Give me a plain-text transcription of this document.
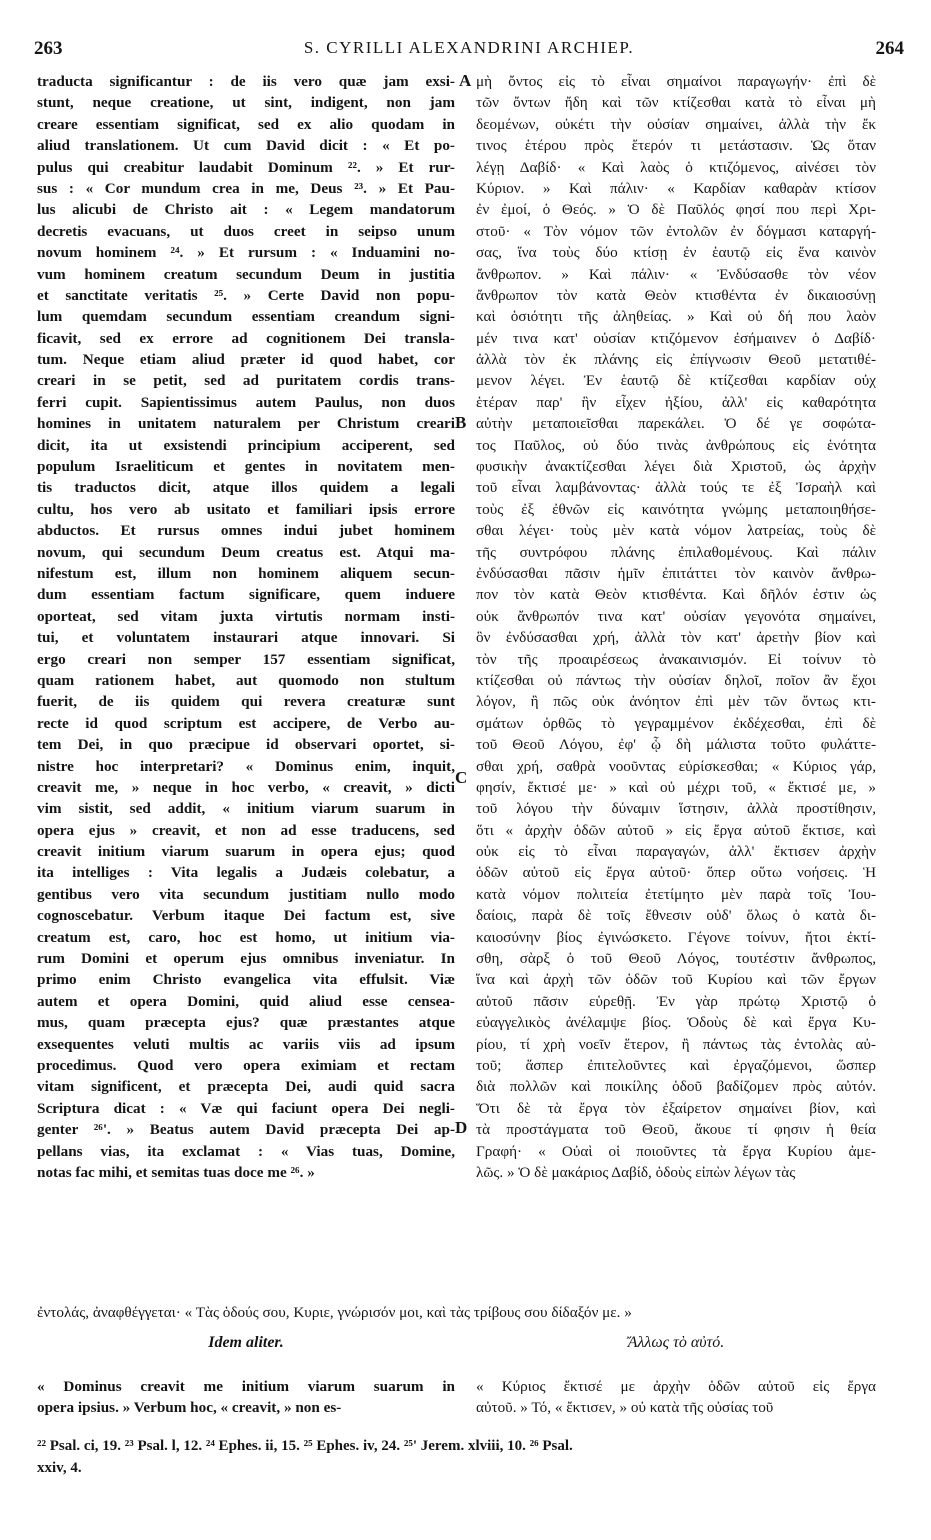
263	S. CYRILLI ALEXANDRINI ARCHIEP.	264
traducta significantur : de iis vero quæ jam exsi-
stunt, neque creatione, ut sint, indigent, non jam
creare essentiam significat, sed ex alio quodam in
aliud translationem. Ut cum David dicit : « Et po-
pulus qui creabitur laudabit Dominum ²². » Et rur-
sus : « Cor mundum crea in me, Deus ²³. » Et Pau-
lus alicubi de Christo ait : « Legem mandatorum
decretis evacuans, ut duos creet in seipso unum
novum hominem ²⁴. » Et rursum : « Induamini no-
vum hominem creatum secundum Deum in justitia
et sanctitate veritatis ²⁵. » Certe David non popu-
lum quemdam secundum essentiam creandum signi-
ficavit, sed ex errore ad cognitionem Dei transla-
tum. Neque etiam aliud præter id quod habet, cor
creari in se petit, sed ad puritatem cordis trans-
ferri cupit. Sapientissimus autem Paulus, non duos
homines in unitatem naturalem per Christum creari
dicit, ita ut exsistendi principium acciperent, sed
populum Israeliticum et gentes in novitatem men-
tis traductos dicit, atque illos quidem a legali
cultu, hos vero ab usitato et familiari ipsis errore
abductos. Et rursus omnes indui jubet hominem
novum, qui secundum Deum creatus est. Atqui ma-
nifestum est, illum non hominem aliquem secun-
dum essentiam factum significare, quem induere
oporteat, sed vitam juxta virtutis normam insti-
tui, et voluntatem instaurari atque innovari. Si
ergo creari non semper 157 essentiam significat,
quam rationem habet, aut quomodo non stultum
fuerit, de iis quidem qui revera creaturæ sunt
recte id quod scriptum est accipere, de Verbo au-
tem Dei, in quo præcipue id observari oportet, si-
nistre hoc interpretari? « Dominus enim, inquit,
creavit me, » neque in hoc verbo, « creavit, » dicti
vim sistit, sed addit, « initium viarum suarum in
opera ejus » creavit, et non ad esse traducens, sed
creavit initium viarum suarum in opera ejus; quod
ita intelliges : Vita legalis a Judæis colebatur, a
gentibus vero vita secundum justitiam nullo modo
cognoscebatur. Verbum itaque Dei factum est, sive
creatum est, caro, hoc est homo, ut initium via-
rum Domini et operum ejus omnibus inveniatur. In
primo enim Christo evangelica vita effulsit. Viæ
autem et opera Domini, quid aliud esse censea-
mus, quam præcepta ejus? quæ præstantes atque
exsequentes veluti multis ac variis viis ad ipsum
procedimus. Quod vero opera eximiam et rectam
vitam significent, et præcepta Dei, audi quid sacra
Scriptura dicat : « Væ qui faciunt opera Dei negli-
genter ²⁶'. » Beatus autem David præcepta Dei ap-
pellans vias, ita exclamat : « Vias tuas, Domine,
notas fac mihi, et semitas tuas doce me ²⁶. »
μὴ ὄντος εἰς τὸ εἶναι σημαίνοι παραγωγήν· ἐπὶ δὲ
τῶν ὄντων ἤδη καὶ τῶν κτίζεσθαι κατὰ τὸ εἶναι μὴ
δεομένων, οὐκέτι τὴν οὐσίαν σημαίνει, ἀλλὰ τὴν ἔκ
τινος ἑτέρου πρὸς ἕτερόν τι μετάστασιν. Ὡς ὅταν
λέγῃ Δαβίδ· « Καὶ λαὸς ὁ κτιζόμενος, αἰνέσει τὸν
Κύριον. » Καὶ πάλιν· « Καρδίαν καθαρὰν κτίσον
ἐν ἐμοί, ὁ Θεός. » Ὁ δὲ Παῦλός φησί που περὶ Χρι-
στοῦ· « Τὸν νόμον τῶν ἐντολῶν ἐν δόγμασι καταργή-
σας, ἵνα τοὺς δύο κτίσῃ ἐν ἑαυτῷ εἰς ἕνα καινὸν
ἄνθρωπον. » Καὶ πάλιν· « Ἐνδύσασθε τὸν νέον
ἄνθρωπον τὸν κατὰ Θεὸν κτισθέντα ἐν δικαιοσύνῃ
καὶ ὁσιότητι τῆς ἀληθείας. » Καὶ οὐ δή που λαὸν
μέν τινα κατ' οὐσίαν κτιζόμενον ἐσήμαινεν ὁ Δαβίδ·
ἀλλὰ τὸν ἐκ πλάνης εἰς ἐπίγνωσιν Θεοῦ μετατιθέ-
μενον λέγει. Ἐν ἑαυτῷ δὲ κτίζεσθαι καρδίαν οὐχ
ἑτέραν παρ' ἣν εἶχεν ἠξίου, ἀλλ' εἰς καθαρότητα
αὐτὴν μεταποιεῖσθαι παρεκάλει. Ὁ δέ γε σοφώτα-
τος Παῦλος, οὐ δύο τινὰς ἀνθρώπους εἰς ἑνότητα
φυσικὴν ἀνακτίζεσθαι λέγει διὰ Χριστοῦ, ὡς ἀρχὴν
τοῦ εἶναι λαμβάνοντας· ἀλλὰ τούς τε ἐξ Ἰσραὴλ καὶ
τοὺς ἐξ ἐθνῶν εἰς καινότητα γνώμης μεταποιηθήσε-
σθαι λέγει· τοὺς μὲν κατὰ νόμον λατρείας, τοὺς δὲ
τῆς συντρόφου πλάνης ἐπιλαθομένους. Καὶ πάλιν
ἐνδύσασθαι πᾶσιν ἡμῖν ἐπιτάττει τὸν καινὸν ἄνθρω-
πον τὸν κατὰ Θεὸν κτισθέντα. Καὶ δῆλόν ἐστιν ὡς
οὐκ ἄνθρωπόν τινα κατ' οὐσίαν γεγονότα σημαίνει,
ὃν ἐνδύσασθαι χρή, ἀλλὰ τὸν κατ' ἀρετὴν βίον καὶ
τὸν τῆς προαιρέσεως ἀνακαινισμόν. Εἰ τοίνυν τὸ
κτίζεσθαι οὐ πάντως τὴν οὐσίαν δηλοῖ, ποῖον ἂν ἔχοι
λόγον, ἢ πῶς οὐκ ἀνόητον ἐπὶ μὲν τῶν ὄντως κτι-
σμάτων ὀρθῶς τὸ γεγραμμένον ἐκδέχεσθαι, ἐπὶ δὲ
τοῦ Θεοῦ Λόγου, ἐφ' ᾧ δὴ μάλιστα τοῦτο φυλάττε-
σθαι χρή, σαθρὰ νοοῦντας εὑρίσκεσθαι; « Κύριος γάρ,
φησίν, ἔκτισέ με· » καὶ οὐ μέχρι τοῦ, « ἔκτισέ με, »
τοῦ λόγου τὴν δύναμιν ἵστησιν, ἀλλὰ προστίθησιν,
ὅτι « ἀρχὴν ὁδῶν αὐτοῦ » εἰς ἔργα αὐτοῦ ἔκτισε, καὶ
οὐκ εἰς τὸ εἶναι παραγαγών, ἀλλ' ἔκτισεν ἀρχὴν
ὁδῶν αὐτοῦ εἰς ἔργα αὐτοῦ· ὅπερ οὕτω νοήσεις. Ἡ
κατὰ νόμον πολιτεία ἐτετίμητο μὲν παρὰ τοῖς Ἰου-
δαίοις, παρὰ δὲ τοῖς ἔθνεσιν οὐδ' ὅλως ὁ κατὰ δι-
καιοσύνην βίος ἐγινώσκετο. Γέγονε τοίνυν, ἤτοι ἐκτί-
σθη, σὰρξ ὁ τοῦ Θεοῦ Λόγος, τουτέστιν ἄνθρωπος,
ἵνα καὶ ἀρχὴ τῶν ὁδῶν τοῦ Κυρίου καὶ τῶν ἔργων
αὐτοῦ πᾶσιν εὑρεθῇ. Ἐν γὰρ πρώτῳ Χριστῷ ὁ
εὐαγγελικὸς ἀνέλαμψε βίος. Ὁδοὺς δὲ καὶ ἔργα Κυ-
ρίου, τί χρὴ νοεῖν ἕτερον, ἢ πάντως τὰς ἐντολὰς αὐ-
τοῦ; ἅσπερ ἐπιτελοῦντες καὶ ἐργαζόμενοι, ὥσπερ
διὰ πολλῶν καὶ ποικίλης ὁδοῦ βαδίζομεν πρὸς αὐτόν.
Ὅτι δὲ τὰ ἔργα τὸν ἐξαίρετον σημαίνει βίον, καὶ
τὰ προστάγματα τοῦ Θεοῦ, ἄκουε τί φησιν ἡ θεία
Γραφή· « Οὐαὶ οἱ ποιοῦντες τὰ ἔργα Κυρίου ἀμε-
λῶς. » Ὁ δὲ μακάριος Δαβίδ, ὁδοὺς εἰπὼν λέγων τὰς
A
B
C
D
ἐντολάς, ἀναφθέγγεται· « Τὰς ὁδούς σου, Κυριε, γνώρισόν μοι, καὶ τὰς τρίβους σου δίδαξόν με. »
Idem aliter.	Ἄλλως τὸ αὐτό.
« Dominus creavit me initium viarum suarum in
opera ipsius. » Verbum hoc, « creavit, » non es-
« Κύριος ἔκτισέ με ἀρχὴν ὁδῶν αὐτοῦ εἰς ἔργα
αὐτοῦ. » Τό, « ἔκτισεν, » οὐ κατὰ τῆς οὐσίας τοῦ
²² Psal. ci, 19. ²³ Psal. l, 12. ²⁴ Ephes. ii, 15. ²⁵ Ephes. iv, 24. ²⁵' Jerem. xlviii, 10. ²⁶ Psal.
xxiv, 4.
